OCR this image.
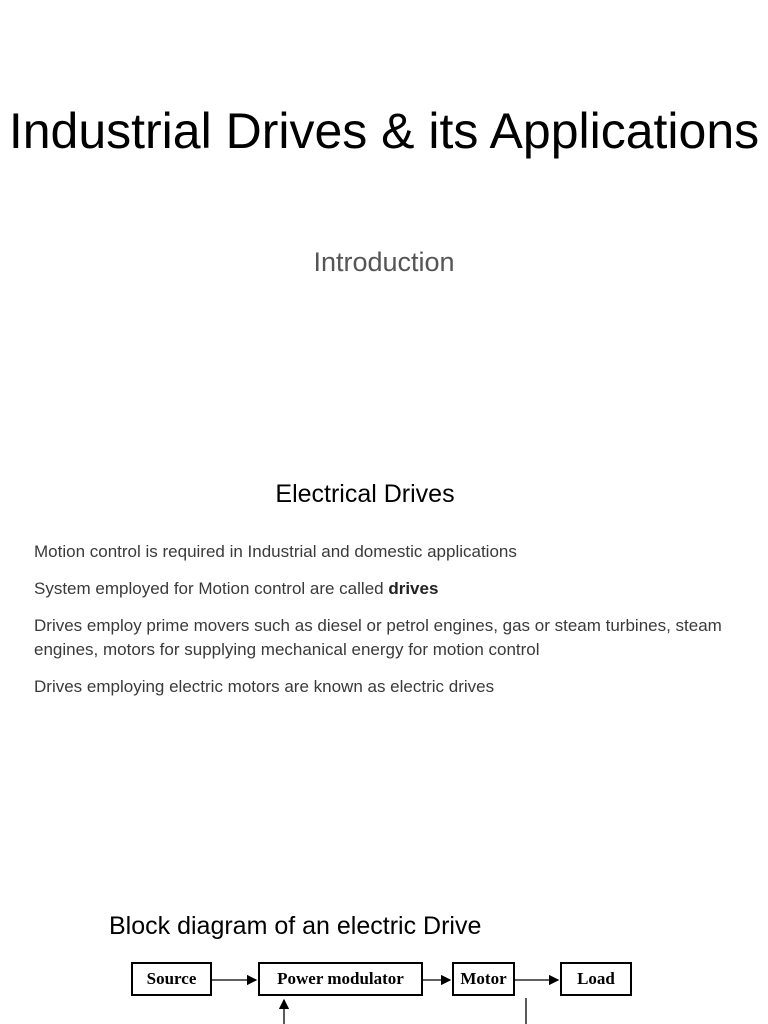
Industrial Drives & its Applications
Introduction
Electrical Drives
Motion control is required in Industrial and domestic applications
System employed for Motion control are called drives
Drives employ prime movers such as diesel or petrol engines, gas or steam turbines, steam engines, motors for supplying mechanical energy for motion control
Drives employing electric motors are known as electric drives
Block diagram of an electric Drive
Source	Power modulator	Motor	Load
